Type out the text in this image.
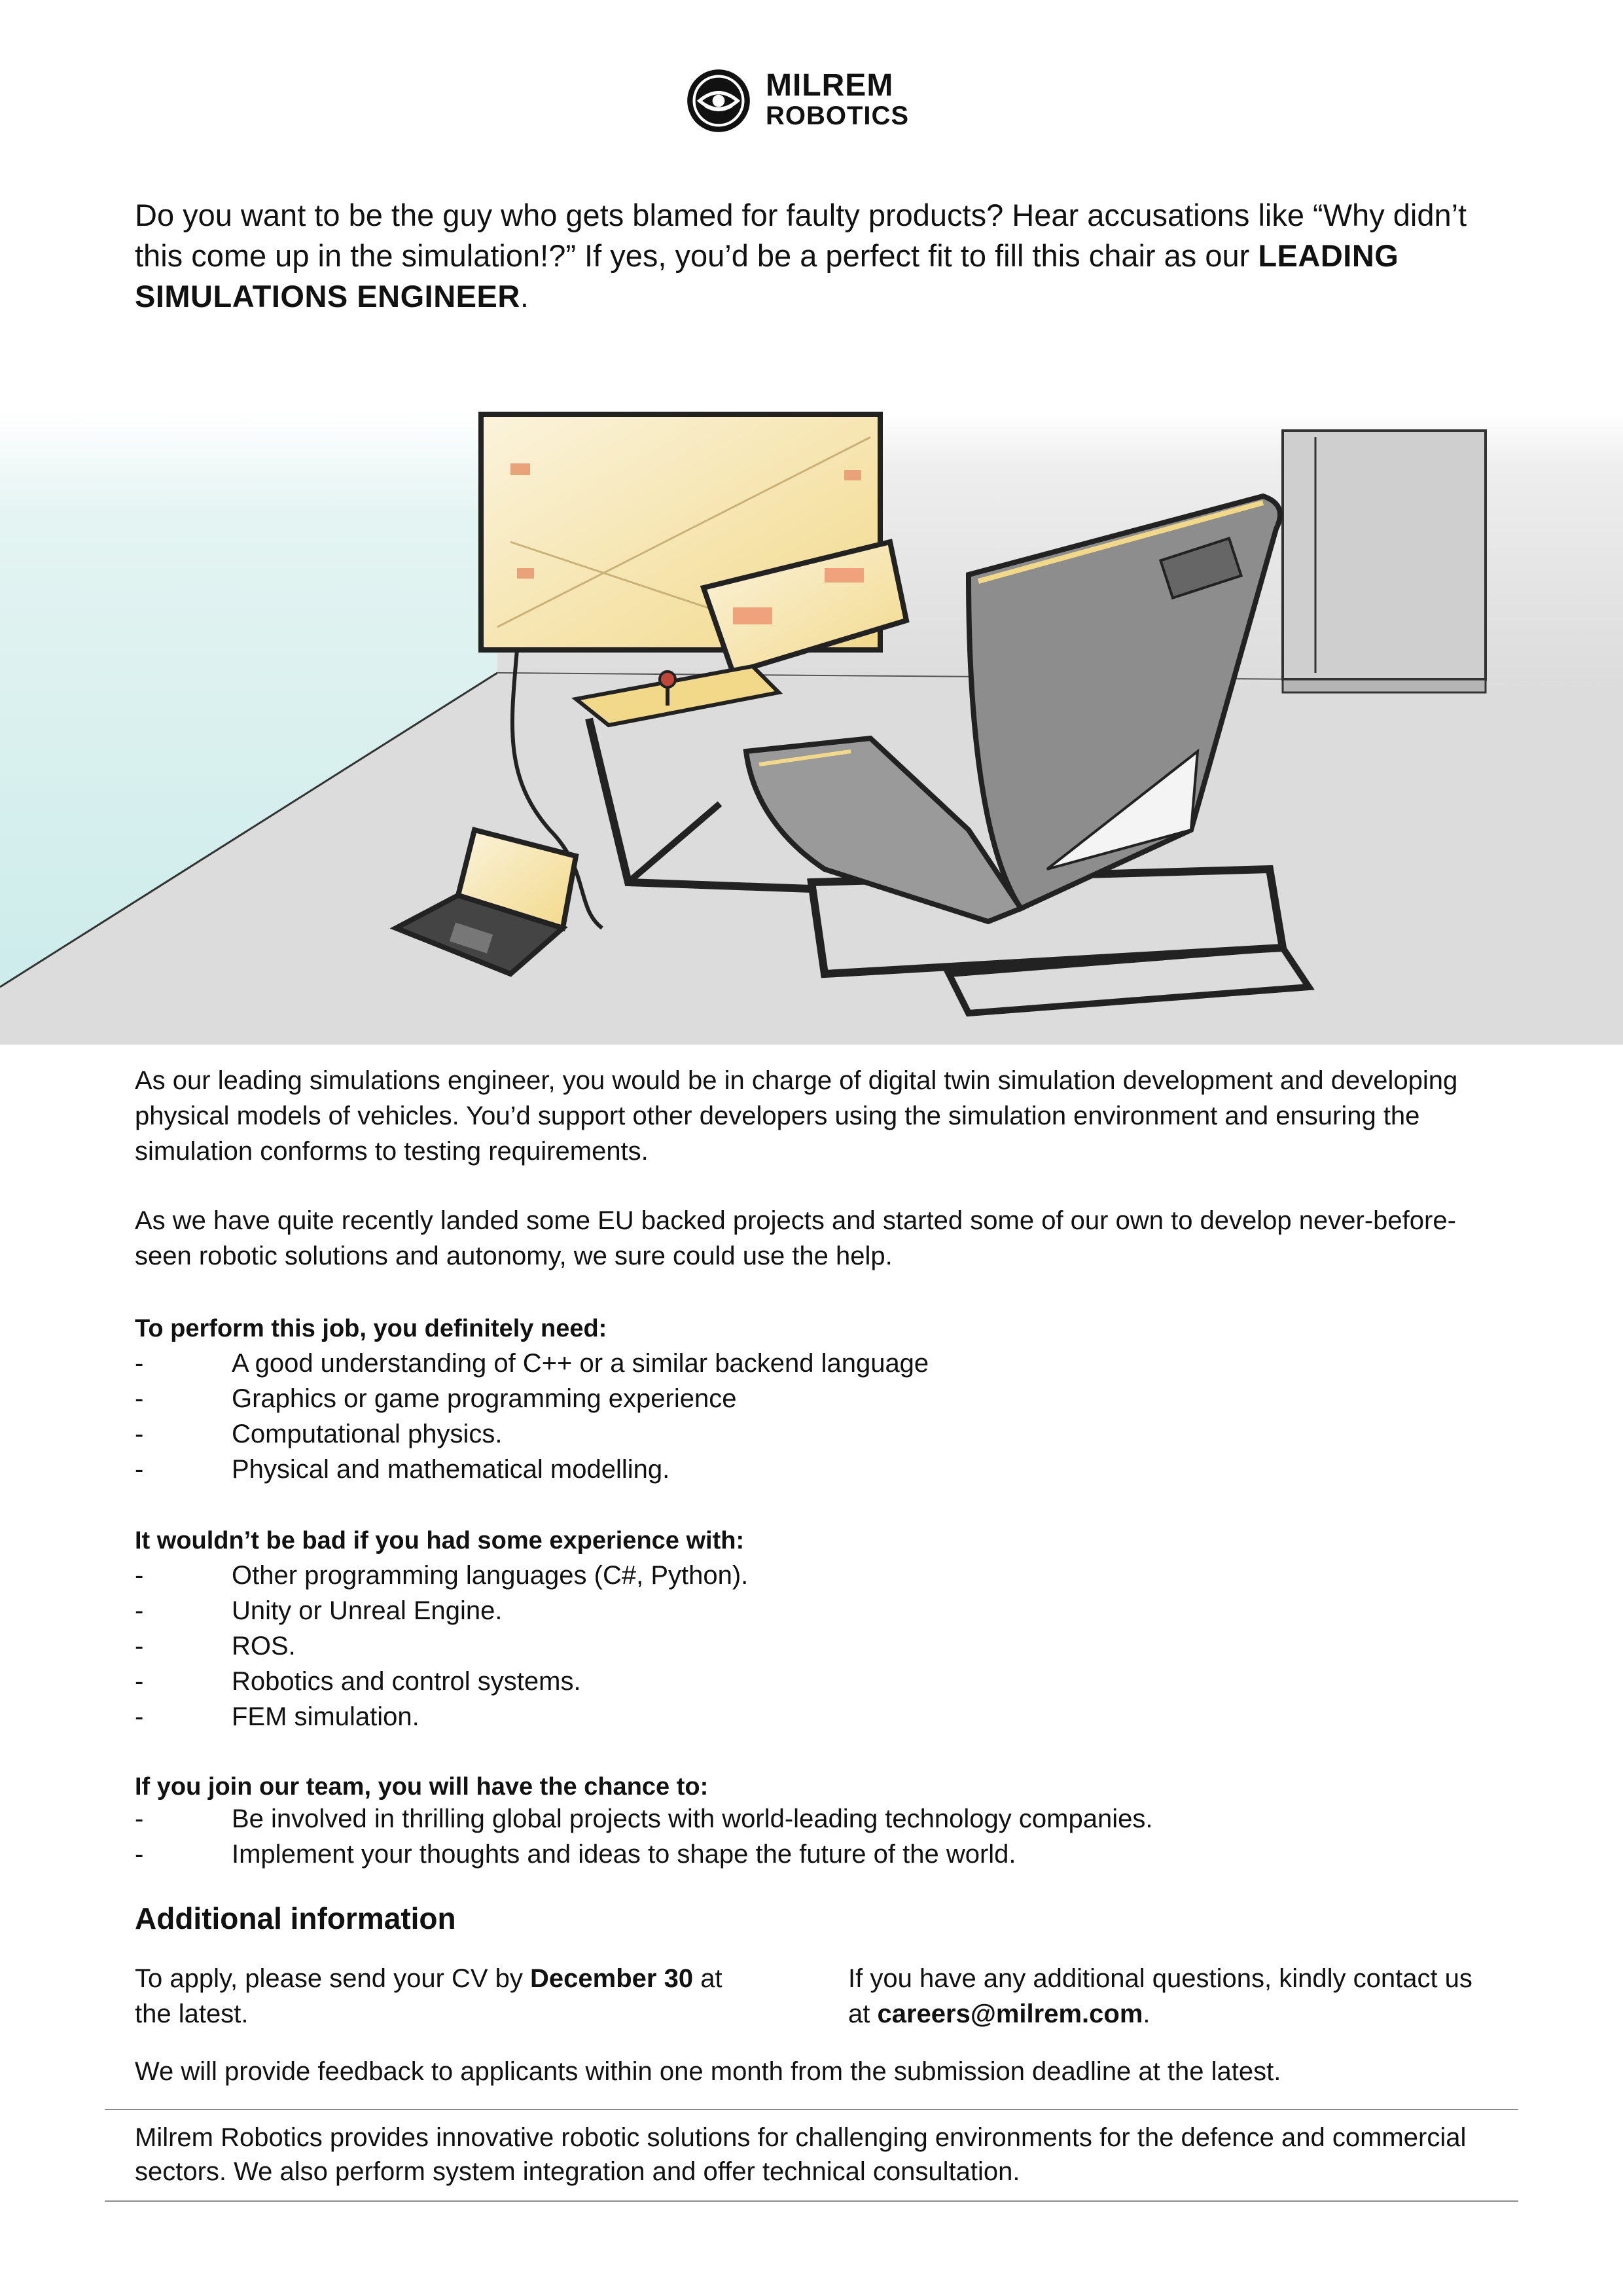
MILREM
ROBOTICS

Do you want to be the guy who gets blamed for faulty products? Hear accusations like “Why didn’t this come up in the simulation!?” If yes, you’d be a perfect fit to fill this chair as our LEADING SIMULATIONS ENGINEER.

As our leading simulations engineer, you would be in charge of digital twin simulation development and developing physical models of vehicles. You’d support other developers using the simulation environment and ensuring the simulation conforms to testing requirements.

As we have quite recently landed some EU backed projects and started some of our own to develop never-before-seen robotic solutions and autonomy, we sure could use the help.

To perform this job, you definitely need:

-	A good understanding of C++ or a similar backend language
-	Graphics or game programming experience
-	Computational physics.
-	Physical and mathematical modelling.

It wouldn’t be bad if you had some experience with:

-	Other programming languages (C#, Python).
-	Unity or Unreal Engine.
-	ROS.
-	Robotics and control systems.
-	FEM simulation.

If you join our team, you will have the chance to:

-	Be involved in thrilling global projects with world-leading technology companies.
-	Implement your thoughts and ideas to shape the future of the world.

Additional information

To apply, please send your CV by December 30 at the latest.

If you have any additional questions, kindly contact us at careers@milrem.com.

We will provide feedback to applicants within one month from the submission deadline at the latest.

Milrem Robotics provides innovative robotic solutions for challenging environments for the defence and commercial sectors. We also perform system integration and offer technical consultation.
